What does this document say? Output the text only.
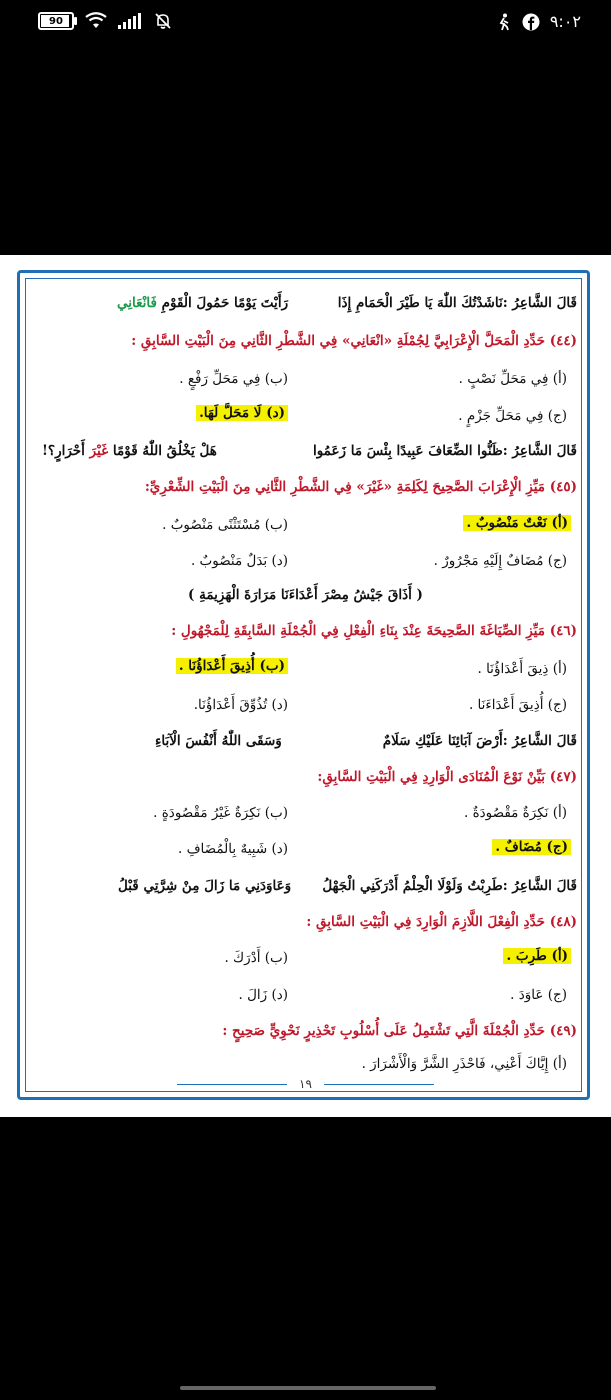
90	٩:٠٢
قَالَ الشَّاعِرُ :نَاشَدْتُكَ اللّٰهَ يَا طَيْرَ الْحَمَامِ إِذَا
رَأَيْتَ يَوْمًا حَمُولَ الْقَوْمِ فَانْعَانِي
(٤٤) حَدِّدِ الْمَحَلَّ الْإِعْرَابِيَّ لِجُمْلَةِ «انْعَانِي» فِي الشَّطْرِ الثَّانِي مِنَ الْبَيْتِ السَّابِقِ :
(أ) فِي مَحَلِّ نَصْبٍ .
(ب) فِي مَحَلِّ رَفْعٍ .
(ج) فِي مَحَلِّ جَزْمٍ .
(د) لَا مَحَلَّ لَهَا.
قَالَ الشَّاعِرُ :ظَنُّوا الضِّعَافَ عَبِيدًا بِئْسَ مَا زَعَمُوا
هَلْ يَخْلُقُ اللّٰهُ قَوْمًا غَيْرَ أَحْرَارٍ؟!
(٤٥) مَيِّزِ الْإِعْرَابَ الصَّحِيحَ لِكَلِمَةِ «غَيْرَ» فِي الشَّطْرِ الثَّانِي مِنَ الْبَيْتِ الشِّعْرِيِّ:
(أ) نَعْتٌ مَنْصُوبٌ .
(ب) مُسْتَثْنًى مَنْصُوبٌ .
(ج) مُضَافٌ إِلَيْهِ مَجْرُورٌ .
(د) بَدَلٌ مَنْصُوبٌ .
( أَذَاقَ جَيْشُ مِصْرَ أَعْدَاءَنَا مَرَارَةَ الْهَزِيمَةِ )
(٤٦) مَيِّزِ الصِّيَاغَةَ الصَّحِيحَةَ عِنْدَ بِنَاءِ الْفِعْلِ فِي الْجُمْلَةِ السَّابِقَةِ لِلْمَجْهُولِ :
(أ) ذِيقَ أَعْدَاؤُنَا .
(ب) أُذِيقَ أَعْدَاؤُنَا .
(ج) أُذِيقَ أَعْدَاءَنَا .
(د) تُذُوِّقَ أَعْدَاؤُنَا.
قَالَ الشَّاعِرُ :أَرْضَ آبَائِنَا عَلَيْكِ سَلَامٌ
وَسَقَى اللّٰهُ أَنْفُسَ الْآبَاءِ
(٤٧) بَيِّنْ نَوْعَ الْمُنَادَى الْوَارِدِ فِي الْبَيْتِ السَّابِقِ:
(أ) نَكِرَةٌ مَقْصُودَةٌ .
(ب) نَكِرَةٌ غَيْرُ مَقْصُودَةٍ .
(ج) مُضَافٌ .
(د) شَبِيهٌ بِالْمُضَافِ .
قَالَ الشَّاعِرُ :طَرِبْتُ وَلَوْلَا الْحِلْمُ أَدْرَكَنِي الْجَهْلُ
وَعَاوَدَنِي مَا زَالَ مِنْ شِرَّتِي قَبْلُ
(٤٨) حَدِّدِ الْفِعْلَ اللَّازِمَ الْوَارِدَ فِي الْبَيْتِ السَّابِقِ :
(أ) طَرِبَ .
(ب) أَدْرَكَ .
(ج) عَاوَدَ .
(د) زَالَ .
(٤٩) حَدِّدِ الْجُمْلَةَ الَّتِي تَشْتَمِلُ عَلَى أُسْلُوبِ تَحْذِيرٍ نَحْوِيٍّ صَحِيحٍ :
(أ) إِيَّاكَ أَعْنِي، فَاحْذَرِ الشَّرَّ وَالْأَشْرَارَ .
١٩
